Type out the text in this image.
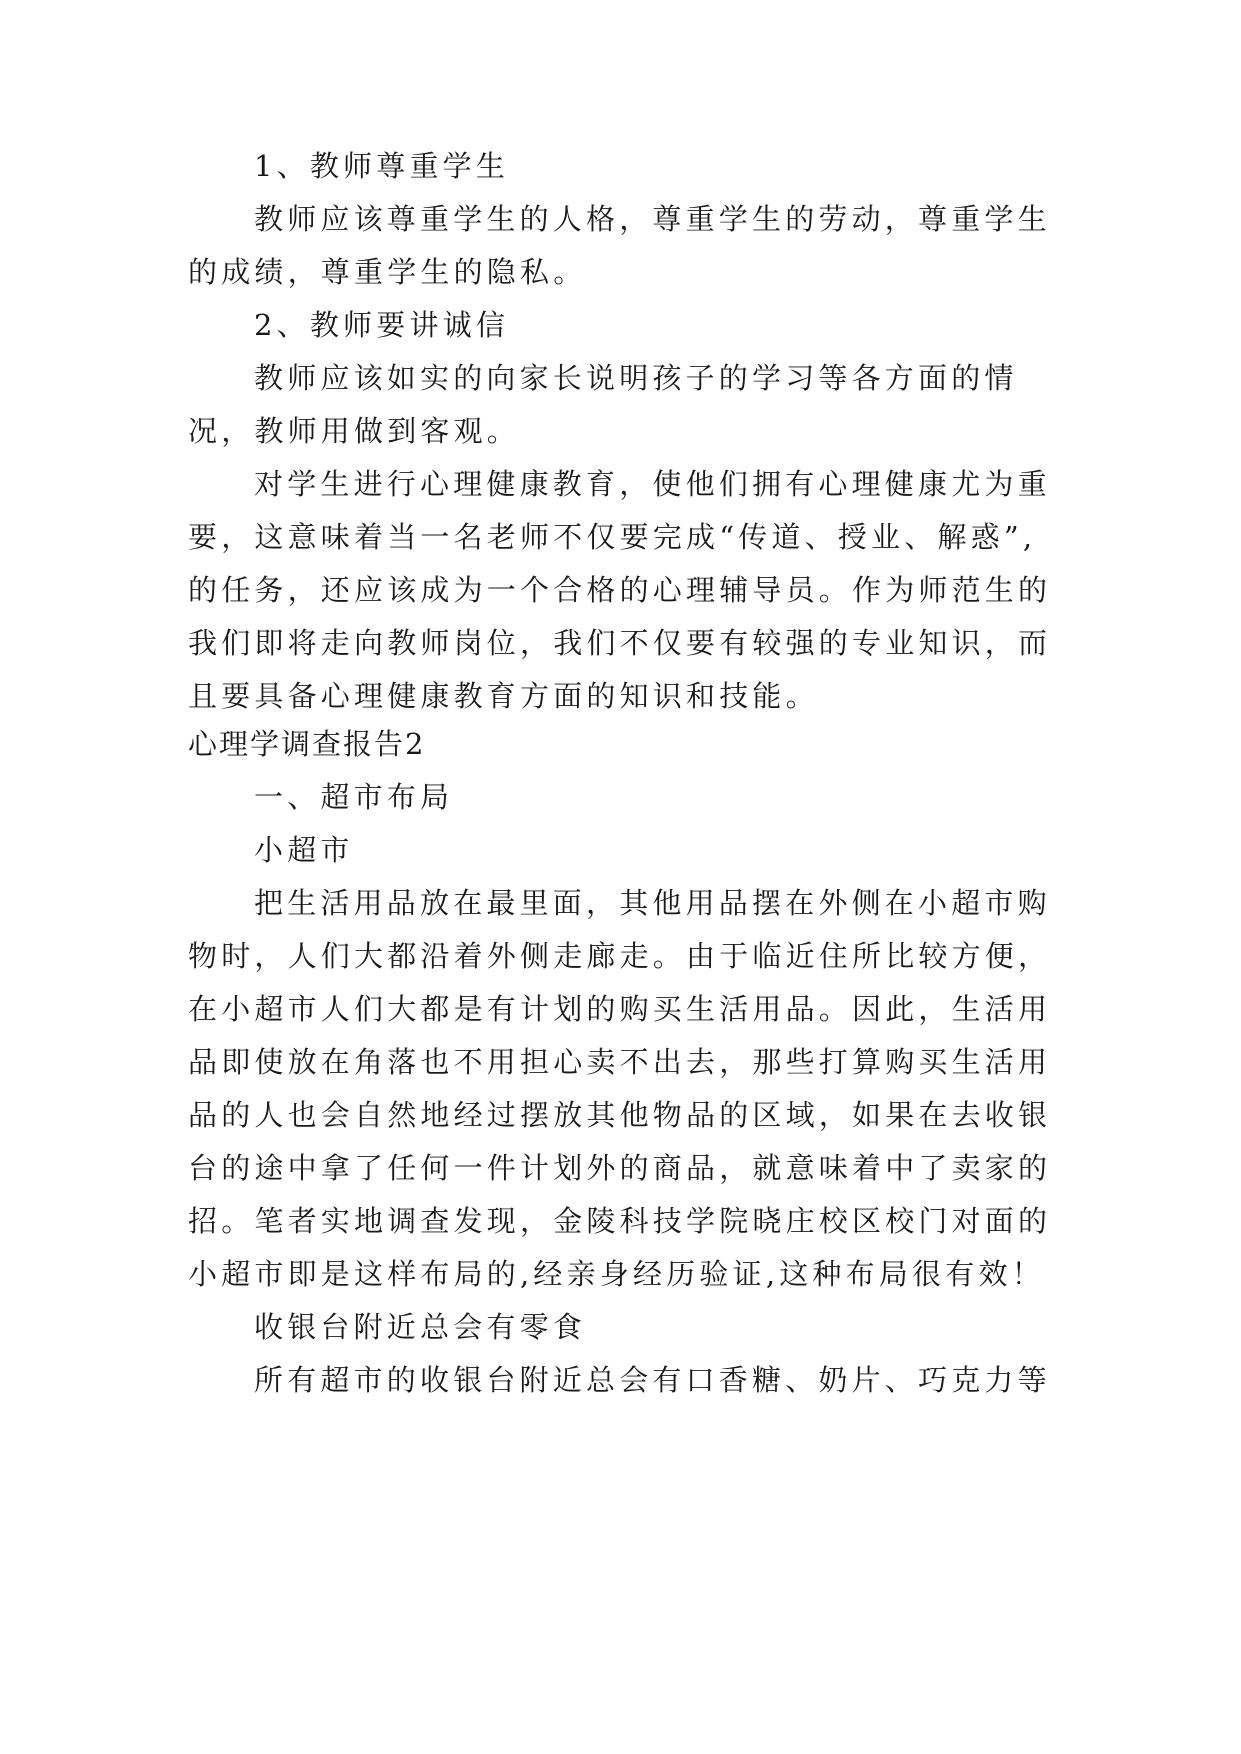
1、教师尊重学生
教师应该尊重学生的人格，尊重学生的劳动，尊重学生
的成绩，尊重学生的隐私。
2、教师要讲诚信
教师应该如实的向家长说明孩子的学习等各方面的情
况，教师用做到客观。
对学生进行心理健康教育，使他们拥有心理健康尤为重
要，这意味着当一名老师不仅要完成“传道、授业、解惑”,
的任务，还应该成为一个合格的心理辅导员。作为师范生的
我们即将走向教师岗位，我们不仅要有较强的专业知识，而
且要具备心理健康教育方面的知识和技能。
心理学调查报告2
一、超市布局
小超市
把生活用品放在最里面，其他用品摆在外侧在小超市购
物时，人们大都沿着外侧走廊走。由于临近住所比较方便，
在小超市人们大都是有计划的购买生活用品。因此，生活用
品即使放在角落也不用担心卖不出去，那些打算购买生活用
品的人也会自然地经过摆放其他物品的区域，如果在去收银
台的途中拿了任何一件计划外的商品，就意味着中了卖家的
招。笔者实地调查发现，金陵科技学院晓庄校区校门对面的
小超市即是这样布局的,经亲身经历验证,这种布局很有效！
收银台附近总会有零食
所有超市的收银台附近总会有口香糖、奶片、巧克力等
